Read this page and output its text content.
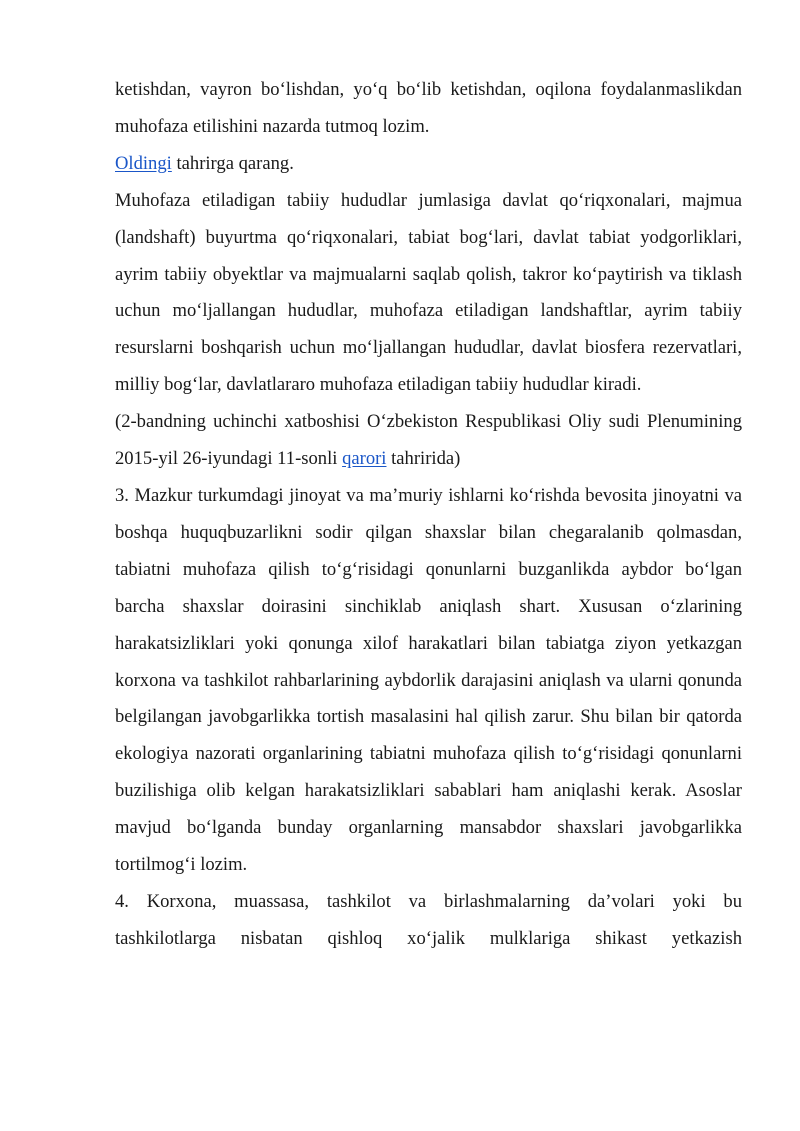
ketishdan, vayron bo‘lishdan, yo‘q bo‘lib ketishdan, oqilona foydalanmaslikdan muhofaza etilishini nazarda tutmoq lozim.

Oldingi tahrirga qarang.

Muhofaza etiladigan tabiiy hududlar jumlasiga davlat qo‘riqxonalari, majmua (landshaft) buyurtma qo‘riqxonalari, tabiat bog‘lari, davlat tabiat yodgorliklari, ayrim tabiiy obyektlar va majmualarni saqlab qolish, takror ko‘paytirish va tiklash uchun mo‘ljallangan hududlar, muhofaza etiladigan landshaftlar, ayrim tabiiy resurslarni boshqarish uchun mo‘ljallangan hududlar, davlat biosfera rezervatlari, milliy bog‘lar, davlatlararo muhofaza etiladigan tabiiy hududlar kiradi.

(2-bandning uchinchi xatboshisi O‘zbekiston Respublikasi Oliy sudi Plenumining 2015-yil 26-iyundagi 11-sonli qarori tahririda)

3. Mazkur turkumdagi jinoyat va ma’muriy ishlarni ko‘rishda bevosita jinoyatni va boshqa huquqbuzarlikni sodir qilgan shaxslar bilan chegaralanib qolmasdan, tabiatni muhofaza qilish to‘g‘risidagi qonunlarni buzganlikda aybdor bo‘lgan barcha shaxslar doirasini sinchiklab aniqlash shart. Xususan o‘zlarining harakatsizliklari yoki qonunga xilof harakatlari bilan tabiatga ziyon yetkazgan korxona va tashkilot rahbarlarining aybdorlik darajasini aniqlash va ularni qonunda belgilangan javobgarlikka tortish masalasini hal qilish zarur. Shu bilan bir qatorda ekologiya nazorati organlarining tabiatni muhofaza qilish to‘g‘risidagi qonunlarni buzilishiga olib kelgan harakatsizliklari sabablari ham aniqlashi kerak. Asoslar mavjud bo‘lganda bunday organlarning mansabdor shaxslari javobgarlikka tortilmog‘i lozim.

4. Korxona, muassasa, tashkilot va birlashmalarning da’volari yoki bu tashkilotlarga nisbatan qishloq xo‘jalik mulklariga shikast yetkazish
